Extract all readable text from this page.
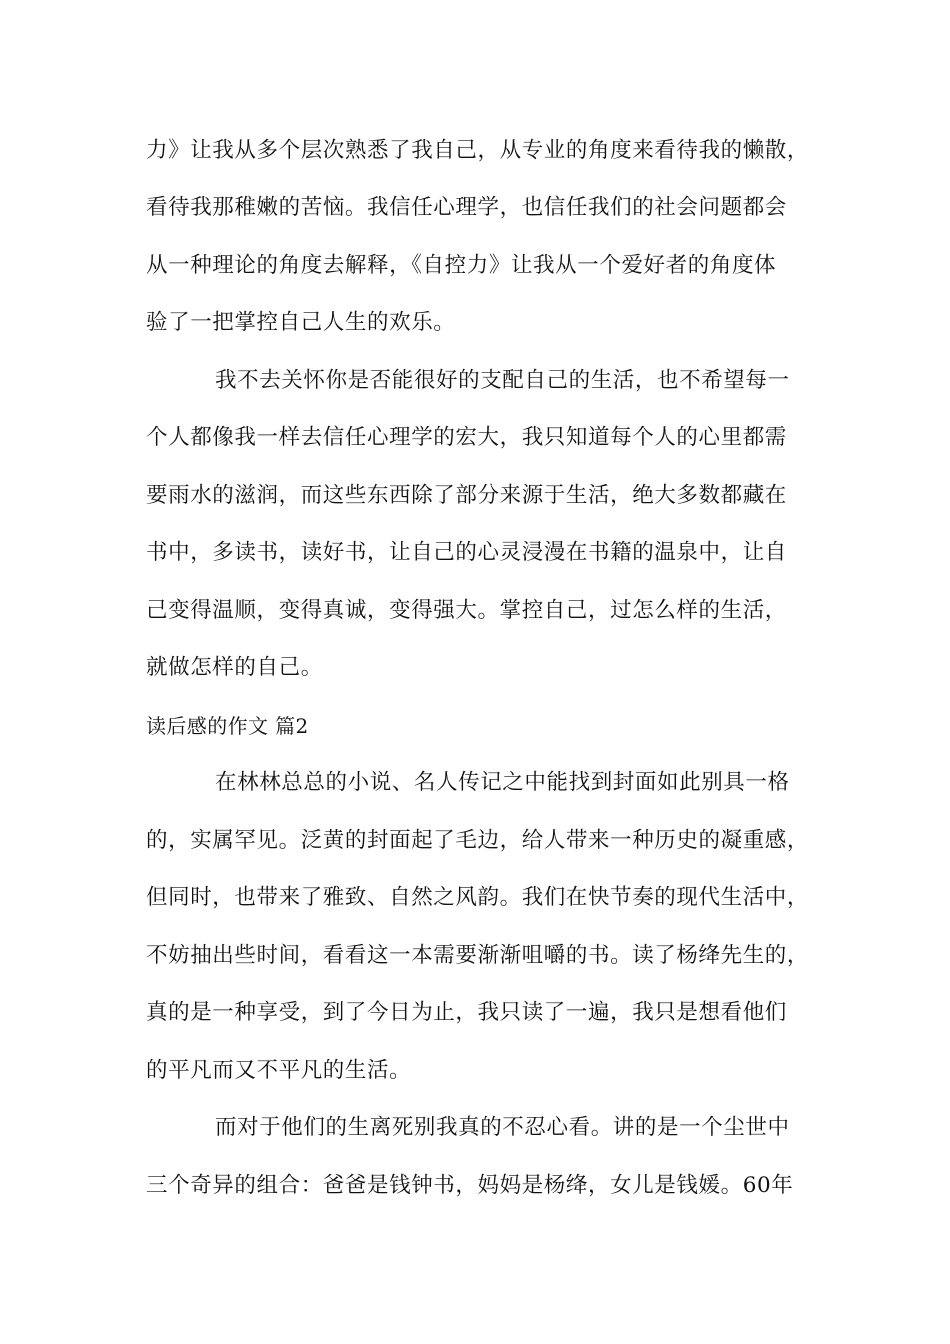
力》让我从多个层次熟悉了我自己，从专业的角度来看待我的懒散，
看待我那稚嫩的苦恼。我信任心理学，也信任我们的社会问题都会
从一种理论的角度去解释，《自控力》让我从一个爱好者的角度体
验了一把掌控自己人生的欢乐。
我不去关怀你是否能很好的支配自己的生活，也不希望每一
个人都像我一样去信任心理学的宏大，我只知道每个人的心里都需
要雨水的滋润，而这些东西除了部分来源于生活，绝大多数都藏在
书中，多读书，读好书，让自己的心灵浸漫在书籍的温泉中，让自
己变得温顺，变得真诚，变得强大。掌控自己，过怎么样的生活，
就做怎样的自己。
读后感的作文 篇2
在林林总总的小说、名人传记之中能找到封面如此别具一格
的，实属罕见。泛黄的封面起了毛边，给人带来一种历史的凝重感，
但同时，也带来了雅致、自然之风韵。我们在快节奏的现代生活中，
不妨抽出些时间，看看这一本需要渐渐咀嚼的书。读了杨绛先生的，
真的是一种享受，到了今日为止，我只读了一遍，我只是想看他们
的平凡而又不平凡的生活。
而对于他们的生离死别我真的不忍心看。讲的是一个尘世中
三个奇异的组合：爸爸是钱钟书，妈妈是杨绛，女儿是钱媛。60年
